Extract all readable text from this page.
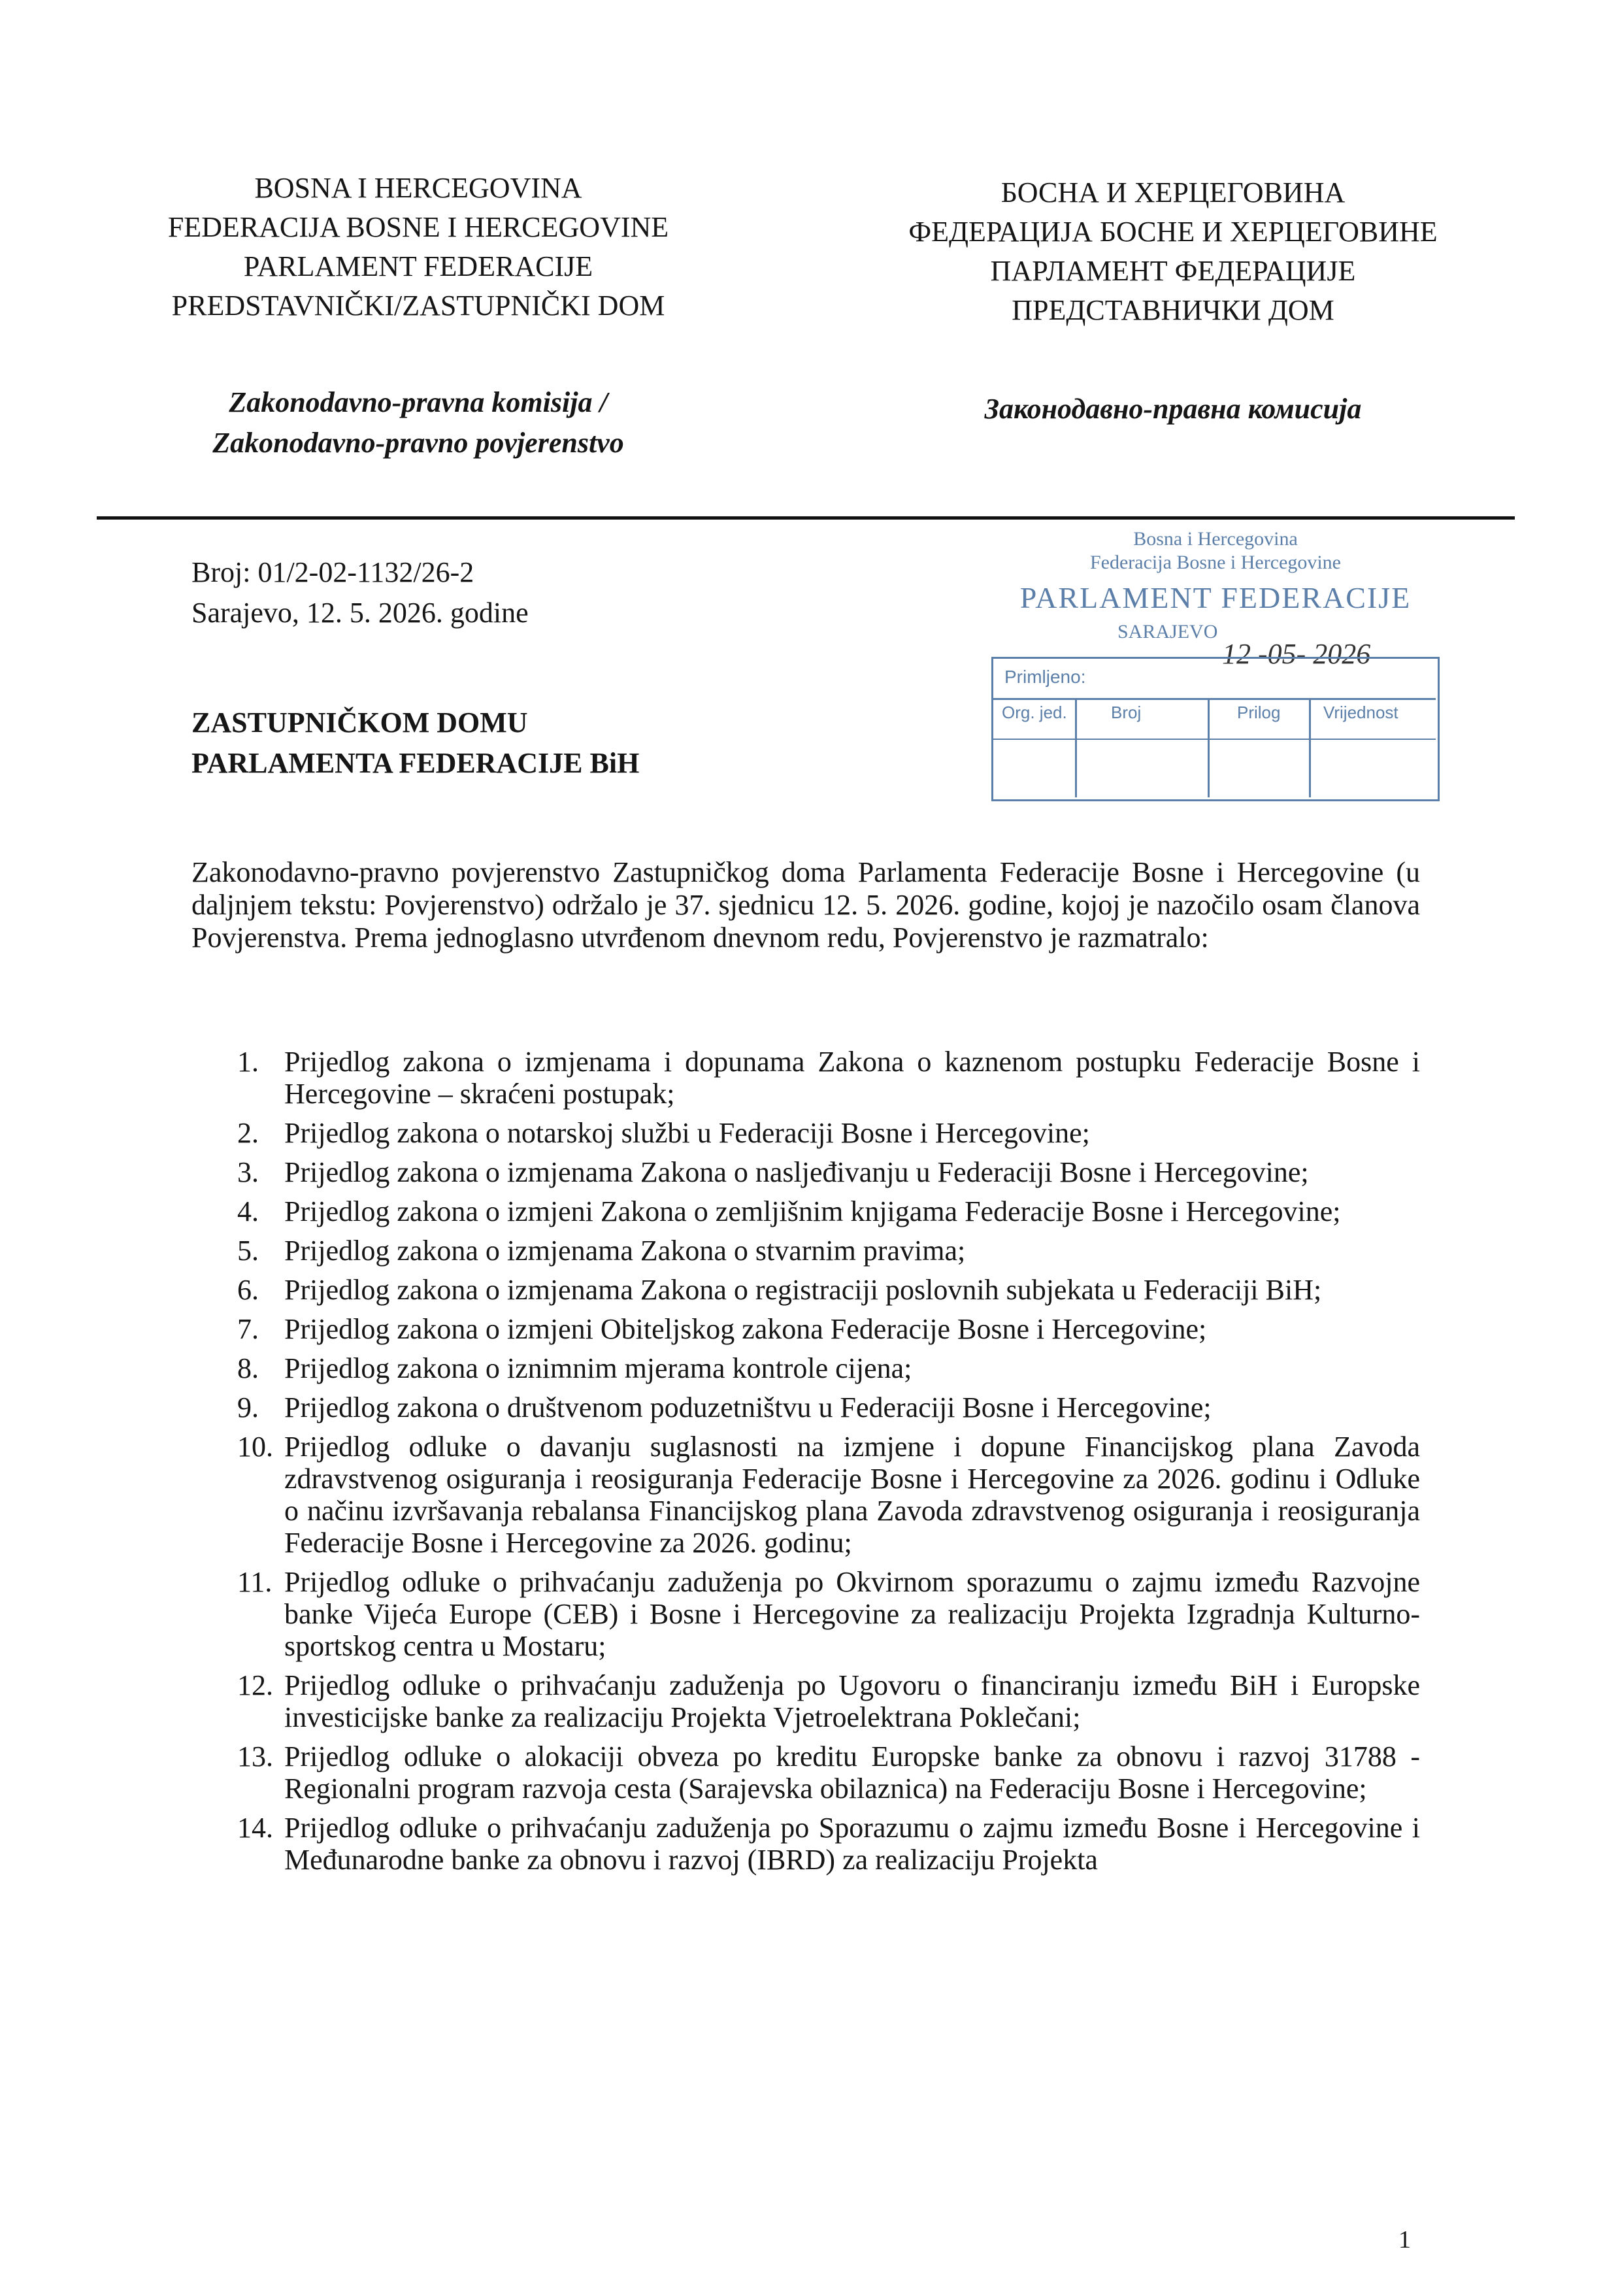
BOSNA I HERCEGOVINA
FEDERACIJA BOSNE I HERCEGOVINE
PARLAMENT FEDERACIJE
PREDSTAVNIČKI/ZASTUPNIČKI DOM
БОСНА И ХЕРЦЕГОВИНА
ФЕДЕРАЦИЈА БОСНЕ И ХЕРЦЕГОВИНЕ
ПАРЛАМЕНТ ФЕДЕРАЦИЈЕ
ПРЕДСТАВНИЧКИ ДОМ
Zakonodavno-pravna komisija /
Zakonodavno-pravno povjerenstvo
Законодавно-правна комисија
Broj: 01/2-02-1132/26-2
Sarajevo, 12. 5. 2026. godine
Bosna i Hercegovina
Federacija Bosne i Hercegovine
PARLAMENT FEDERACIJE
SARAJEVO
12 -05- 2026
Primljeno:
Org. jed.	Broj	Prilog	Vrijednost
ZASTUPNIČKOM DOMU
PARLAMENTA FEDERACIJE BiH

Zakonodavno-pravno povjerenstvo Zastupničkog doma Parlamenta Federacije Bosne i Hercegovine (u daljnjem tekstu: Povjerenstvo) održalo je 37. sjednicu 12. 5. 2026. godine, kojoj je nazočilo osam članova Povjerenstva. Prema jednoglasno utvrđenom dnevnom redu, Povjerenstvo je razmatralo:

1. Prijedlog zakona o izmjenama i dopunama Zakona o kaznenom postupku Federacije Bosne i Hercegovine – skraćeni postupak;
2. Prijedlog zakona o notarskoj službi u Federaciji Bosne i Hercegovine;
3. Prijedlog zakona o izmjenama Zakona o nasljeđivanju u Federaciji Bosne i Hercegovine;
4. Prijedlog zakona o izmjeni Zakona o zemljišnim knjigama Federacije Bosne i Hercegovine;
5. Prijedlog zakona o izmjenama Zakona o stvarnim pravima;
6. Prijedlog zakona o izmjenama Zakona o registraciji poslovnih subjekata u Federaciji BiH;
7. Prijedlog zakona o izmjeni Obiteljskog zakona Federacije Bosne i Hercegovine;
8. Prijedlog zakona o iznimnim mjerama kontrole cijena;
9. Prijedlog zakona o društvenom poduzetništvu u Federaciji Bosne i Hercegovine;
10. Prijedlog odluke o davanju suglasnosti na izmjene i dopune Financijskog plana Zavoda zdravstvenog osiguranja i reosiguranja Federacije Bosne i Hercegovine za 2026. godinu i Odluke o načinu izvršavanja rebalansa Financijskog plana Zavoda zdravstvenog osiguranja i reosiguranja Federacije Bosne i Hercegovine za 2026. godinu;
11. Prijedlog odluke o prihvaćanju zaduženja po Okvirnom sporazumu o zajmu između Razvojne banke Vijeća Europe (CEB) i Bosne i Hercegovine za realizaciju Projekta Izgradnja Kulturno-sportskog centra u Mostaru;
12. Prijedlog odluke o prihvaćanju zaduženja po Ugovoru o financiranju između BiH i Europske investicijske banke za realizaciju Projekta Vjetroelektrana Poklečani;
13. Prijedlog odluke o alokaciji obveza po kreditu Europske banke za obnovu i razvoj 31788 - Regionalni program razvoja cesta (Sarajevska obilaznica) na Federaciju Bosne i Hercegovine;
14. Prijedlog odluke o prihvaćanju zaduženja po Sporazumu o zajmu između Bosne i Hercegovine i Međunarodne banke za obnovu i razvoj (IBRD) za realizaciju Projekta
1
